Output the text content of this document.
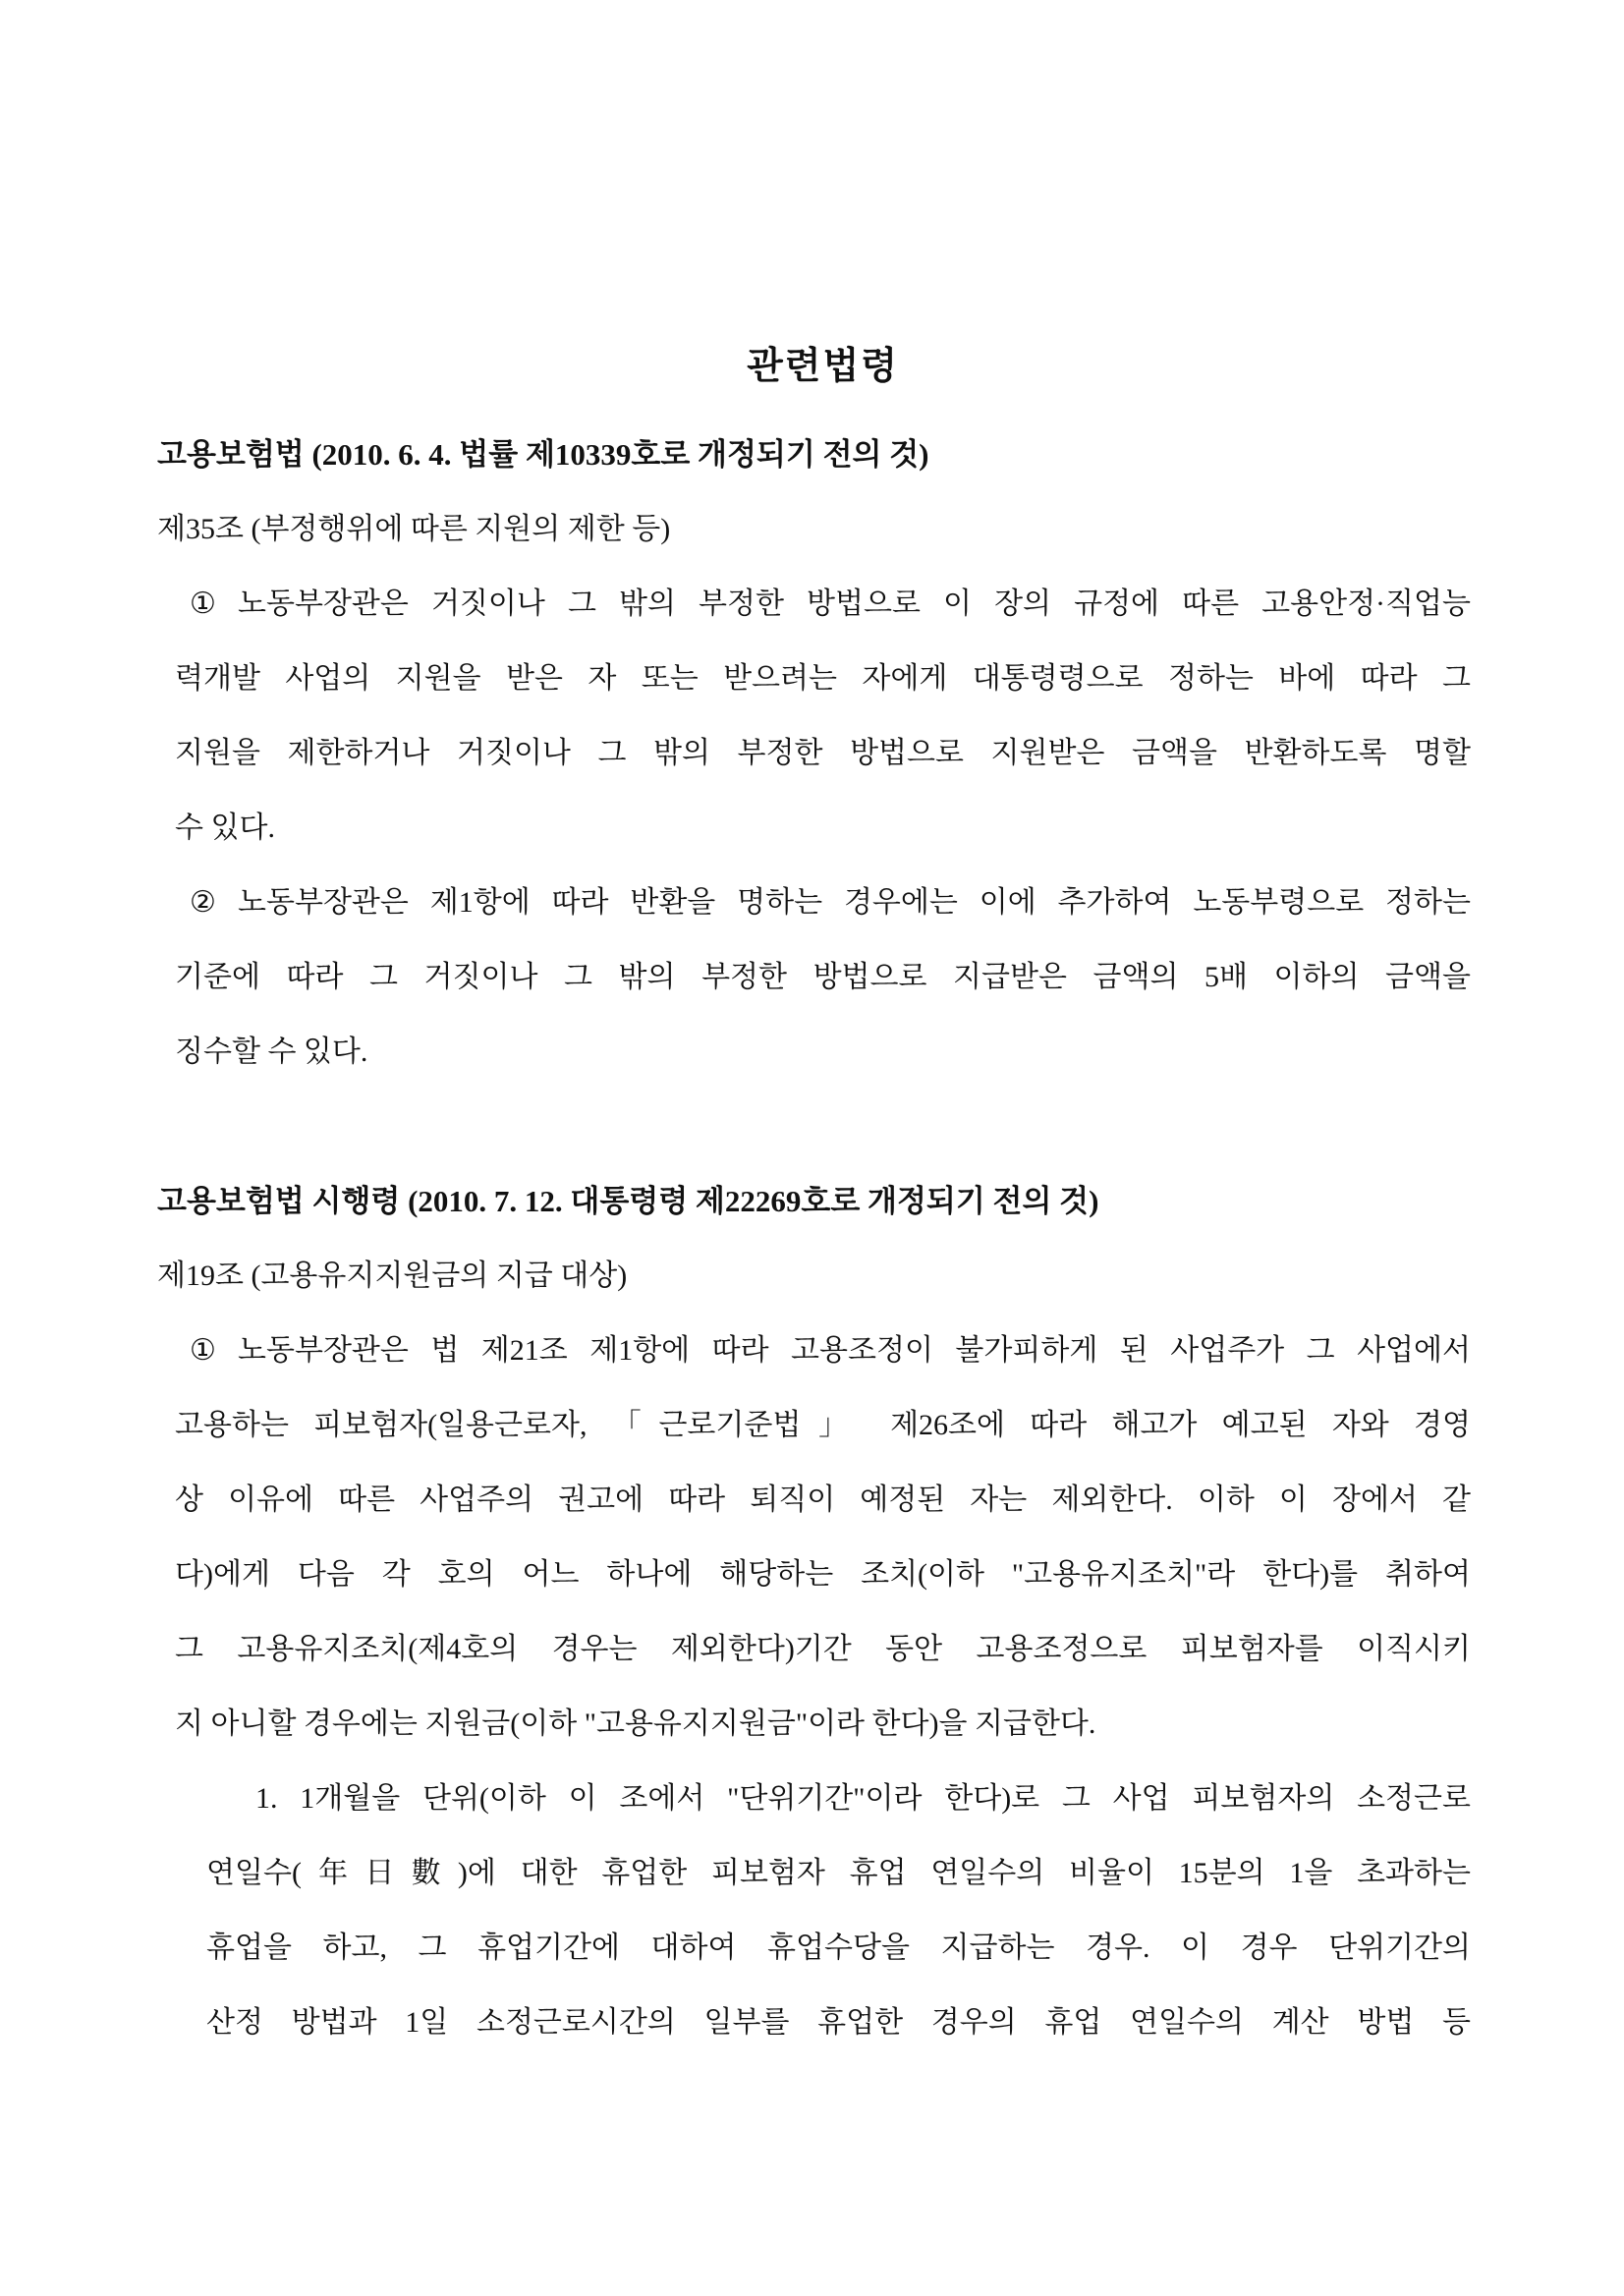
관련법령
고용보험법 (2010. 6. 4. 법률 제10339호로 개정되기 전의 것)
제35조 (부정행위에 따른 지원의 제한 등)
① 노동부장관은 거짓이나 그 밖의 부정한 방법으로 이 장의 규정에 따른 고용안정·직업능
력개발 사업의 지원을 받은 자 또는 받으려는 자에게 대통령령으로 정하는 바에 따라 그
지원을 제한하거나 거짓이나 그 밖의 부정한 방법으로 지원받은 금액을 반환하도록 명할
수 있다.
② 노동부장관은 제1항에 따라 반환을 명하는 경우에는 이에 추가하여 노동부령으로 정하는
기준에 따라 그 거짓이나 그 밖의 부정한 방법으로 지급받은 금액의 5배 이하의 금액을
징수할 수 있다.
고용보험법 시행령 (2010. 7. 12. 대통령령 제22269호로 개정되기 전의 것)
제19조 (고용유지지원금의 지급 대상)
① 노동부장관은 법 제21조 제1항에 따라 고용조정이 불가피하게 된 사업주가 그 사업에서
고용하는 피보험자(일용근로자, 「근로기준법」 제26조에 따라 해고가 예고된 자와 경영
상 이유에 따른 사업주의 권고에 따라 퇴직이 예정된 자는 제외한다. 이하 이 장에서 같
다)에게 다음 각 호의 어느 하나에 해당하는 조치(이하 "고용유지조치"라 한다)를 취하여
그 고용유지조치(제4호의 경우는 제외한다)기간 동안 고용조정으로 피보험자를 이직시키
지 아니할 경우에는 지원금(이하 "고용유지지원금"이라 한다)을 지급한다.
1. 1개월을 단위(이하 이 조에서 "단위기간"이라 한다)로 그 사업 피보험자의 소정근로
연일수(年日數)에 대한 휴업한 피보험자 휴업 연일수의 비율이 15분의 1을 초과하는
휴업을 하고, 그 휴업기간에 대하여 휴업수당을 지급하는 경우. 이 경우 단위기간의
산정 방법과 1일 소정근로시간의 일부를 휴업한 경우의 휴업 연일수의 계산 방법 등
